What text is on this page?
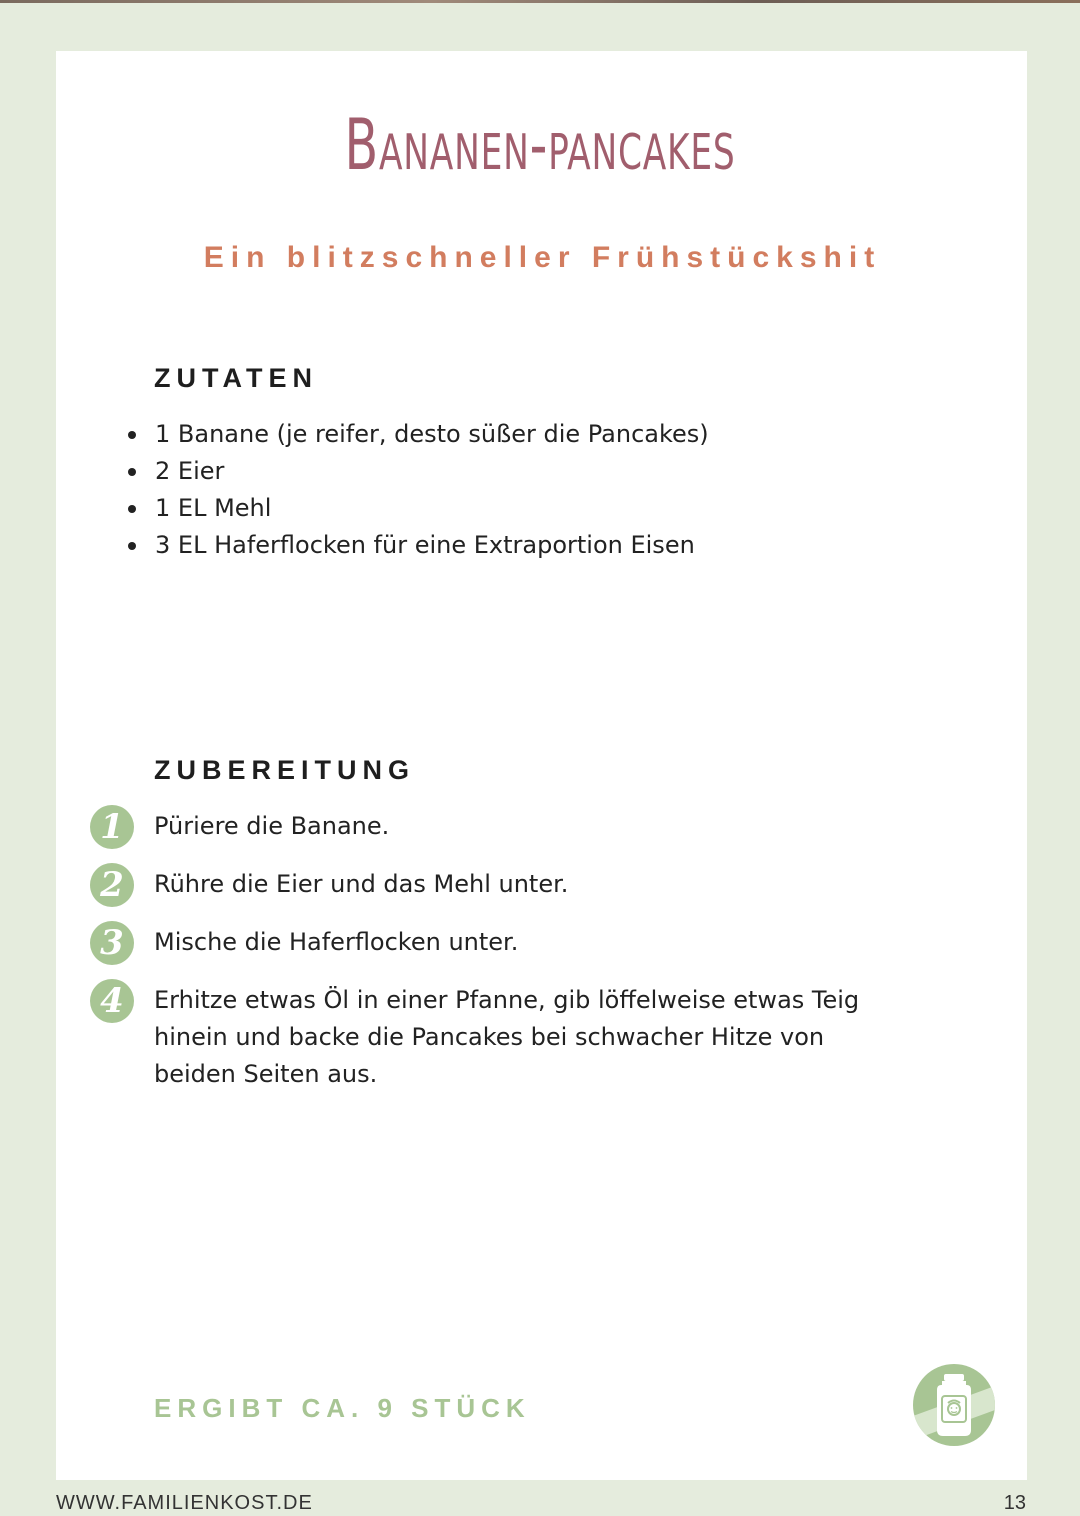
Bananen-pancakes

Ein blitzschneller Frühstückshit

ZUTATEN
1 Banane (je reifer, desto süßer die Pancakes)
2 Eier
1 EL Mehl
3 EL Haferflocken für eine Extraportion Eisen
ZUBEREITUNG
1	Püriere die Banane.
2	Rühre die Eier und das Mehl unter.
3	Mische die Haferflocken unter.
4	Erhitze etwas Öl in einer Pfanne, gib löffelweise etwas Teig
hinein und backe die Pancakes bei schwacher Hitze von
beiden Seiten aus.

ERGIBT CA. 9 STÜCK

WWW.FAMILIENKOST.DE	13
